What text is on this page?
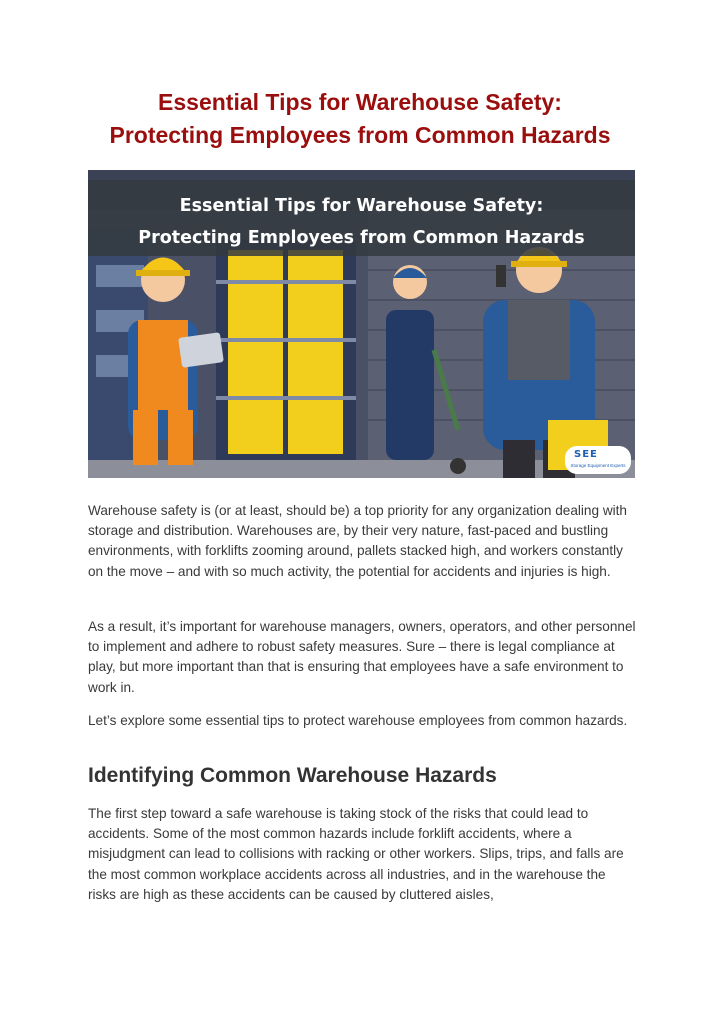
Essential Tips for Warehouse Safety:
Protecting Employees from Common Hazards
Essential Tips for Warehouse Safety:
Protecting Employees from Common Hazards
SEE
Storage Equipment Experts

Warehouse safety is (or at least, should be) a top priority for any organization dealing with storage and distribution. Warehouses are, by their very nature, fast-paced and bustling environments, with forklifts zooming around, pallets stacked high, and workers constantly on the move – and with so much activity, the potential for accidents and injuries is high.

As a result, it’s important for warehouse managers, owners, operators, and other personnel to implement and adhere to robust safety measures. Sure – there is legal compliance at play, but more important than that is ensuring that employees have a safe environment to work in.

Let’s explore some essential tips to protect warehouse employees from common hazards.

Identifying Common Warehouse Hazards

The first step toward a safe warehouse is taking stock of the risks that could lead to accidents. Some of the most common hazards include forklift accidents, where a misjudgment can lead to collisions with racking or other workers. Slips, trips, and falls are the most common workplace accidents across all industries, and in the warehouse the risks are high as these accidents can be caused by cluttered aisles,
